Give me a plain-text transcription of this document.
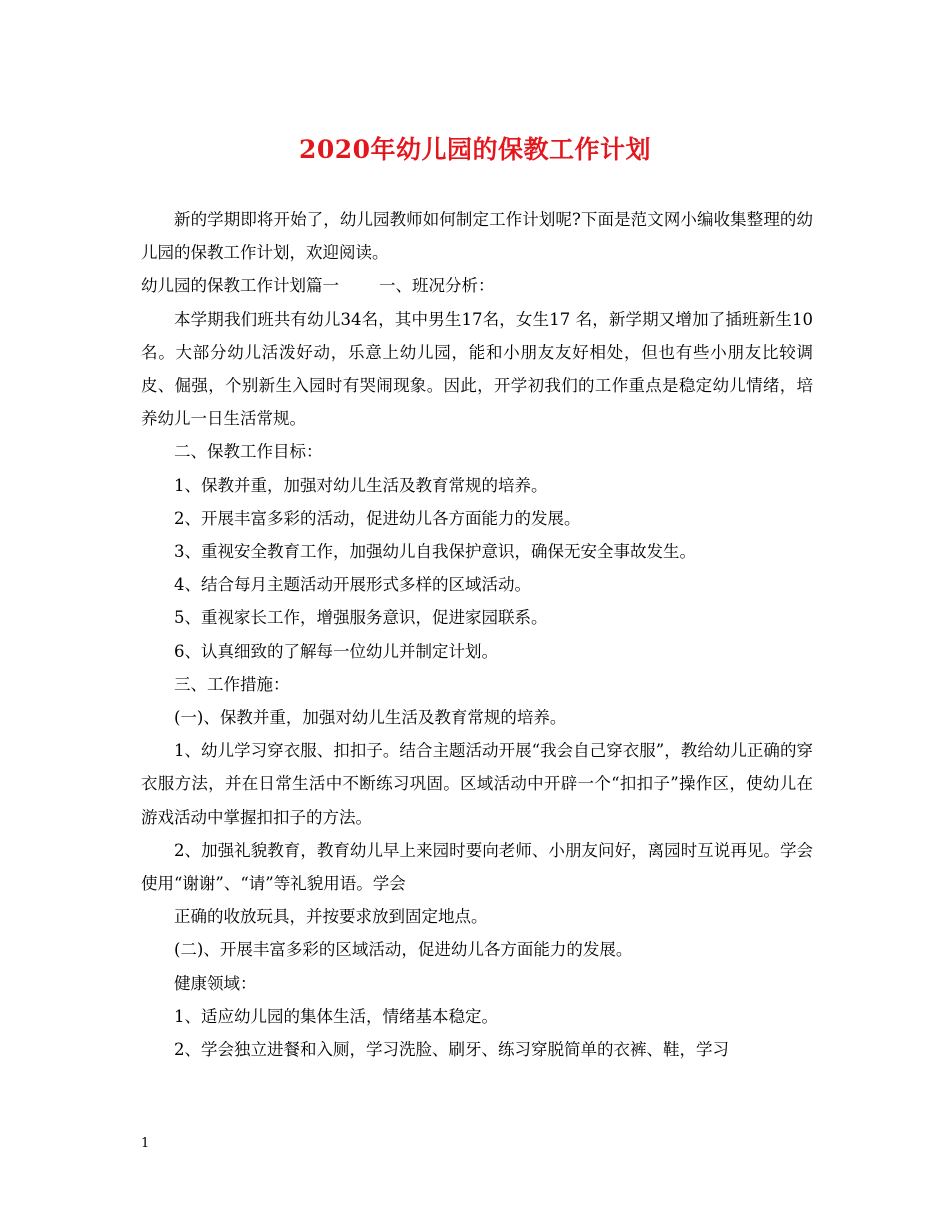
2020年幼儿园的保教工作计划

新的学期即将开始了，幼儿园教师如何制定工作计划呢?下面是范文网小编收集整理的幼儿园的保教工作计划，欢迎阅读。

幼儿园的保教工作计划篇一 一、班况分析：

本学期我们班共有幼儿34名，其中男生17名，女生17 名，新学期又增加了插班新生10名。大部分幼儿活泼好动，乐意上幼儿园，能和小朋友友好相处，但也有些小朋友比较调皮、倔强，个别新生入园时有哭闹现象。因此，开学初我们的工作重点是稳定幼儿情绪，培养幼儿一日生活常规。

二、保教工作目标：

1、保教并重，加强对幼儿生活及教育常规的培养。

2、开展丰富多彩的活动，促进幼儿各方面能力的发展。

3、重视安全教育工作，加强幼儿自我保护意识，确保无安全事故发生。

4、结合每月主题活动开展形式多样的区域活动。

5、重视家长工作，增强服务意识，促进家园联系。

6、认真细致的了解每一位幼儿并制定计划。

三、工作措施：

(一)、保教并重，加强对幼儿生活及教育常规的培养。

1、幼儿学习穿衣服、扣扣子。结合主题活动开展“我会自己穿衣服”，教给幼儿正确的穿衣服方法，并在日常生活中不断练习巩固。区域活动中开辟一个“扣扣子”操作区，使幼儿在游戏活动中掌握扣扣子的方法。

2、加强礼貌教育，教育幼儿早上来园时要向老师、小朋友问好，离园时互说再见。学会使用“谢谢”、“请”等礼貌用语。学会

正确的收放玩具，并按要求放到固定地点。

(二)、开展丰富多彩的区域活动，促进幼儿各方面能力的发展。

健康领域：

1、适应幼儿园的集体生活，情绪基本稳定。

2、学会独立进餐和入厕，学习洗脸、刷牙、练习穿脱简单的衣裤、鞋，学习

1
